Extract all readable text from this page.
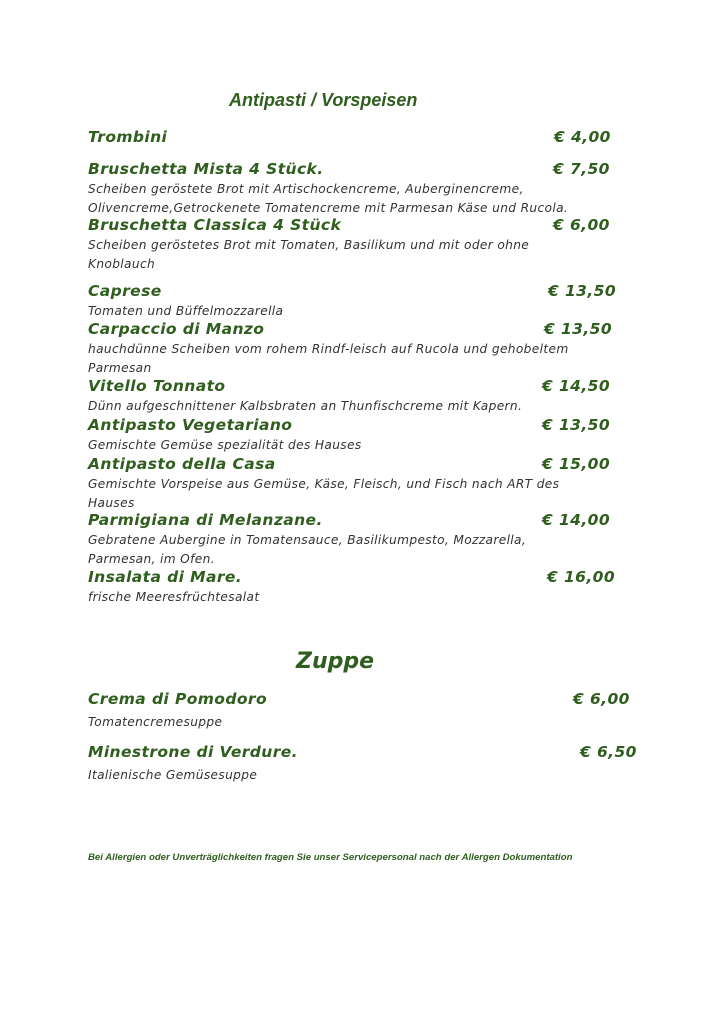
Antipasti / Vorspeisen
Zuppe
Trombini	€ 4,00
Bruschetta Mista 4 Stück.	€ 7,50
Scheiben geröstete Brot mit Artischockencreme, Auberginencreme,
Olivencreme,Getrockenete Tomatencreme mit Parmesan Käse und Rucola.
Bruschetta Classica 4 Stück	€ 6,00
Scheiben geröstetes Brot mit Tomaten, Basilikum und mit oder ohne
Knoblauch
Caprese	€ 13,50
Tomaten und Büffelmozzarella
Carpaccio di Manzo	€ 13,50
hauchdünne Scheiben vom rohem Rindf-leisch auf Rucola und gehobeltem
Parmesan
Vitello Tonnato	€ 14,50
Dünn aufgeschnittener Kalbsbraten an Thunfischcreme mit Kapern.
Antipasto Vegetariano	€ 13,50
Gemischte Gemüse spezialität des Hauses
Antipasto della Casa	€ 15,00
Gemischte Vorspeise aus Gemüse, Käse, Fleisch, und Fisch nach ART des
Hauses
Parmigiana di Melanzane.	€ 14,00
Gebratene Aubergine in Tomatensauce, Basilikumpesto, Mozzarella,
Parmesan, im Ofen.
Insalata di Mare.	€ 16,00
frische Meeresfrüchtesalat
Crema di Pomodoro	€ 6,00
Tomatencremesuppe
Minestrone di Verdure.	€ 6,50
Italienische Gemüsesuppe
Bei Allergien oder Unverträglichkeiten fragen Sie unser Servicepersonal nach der Allergen Dokumentation
